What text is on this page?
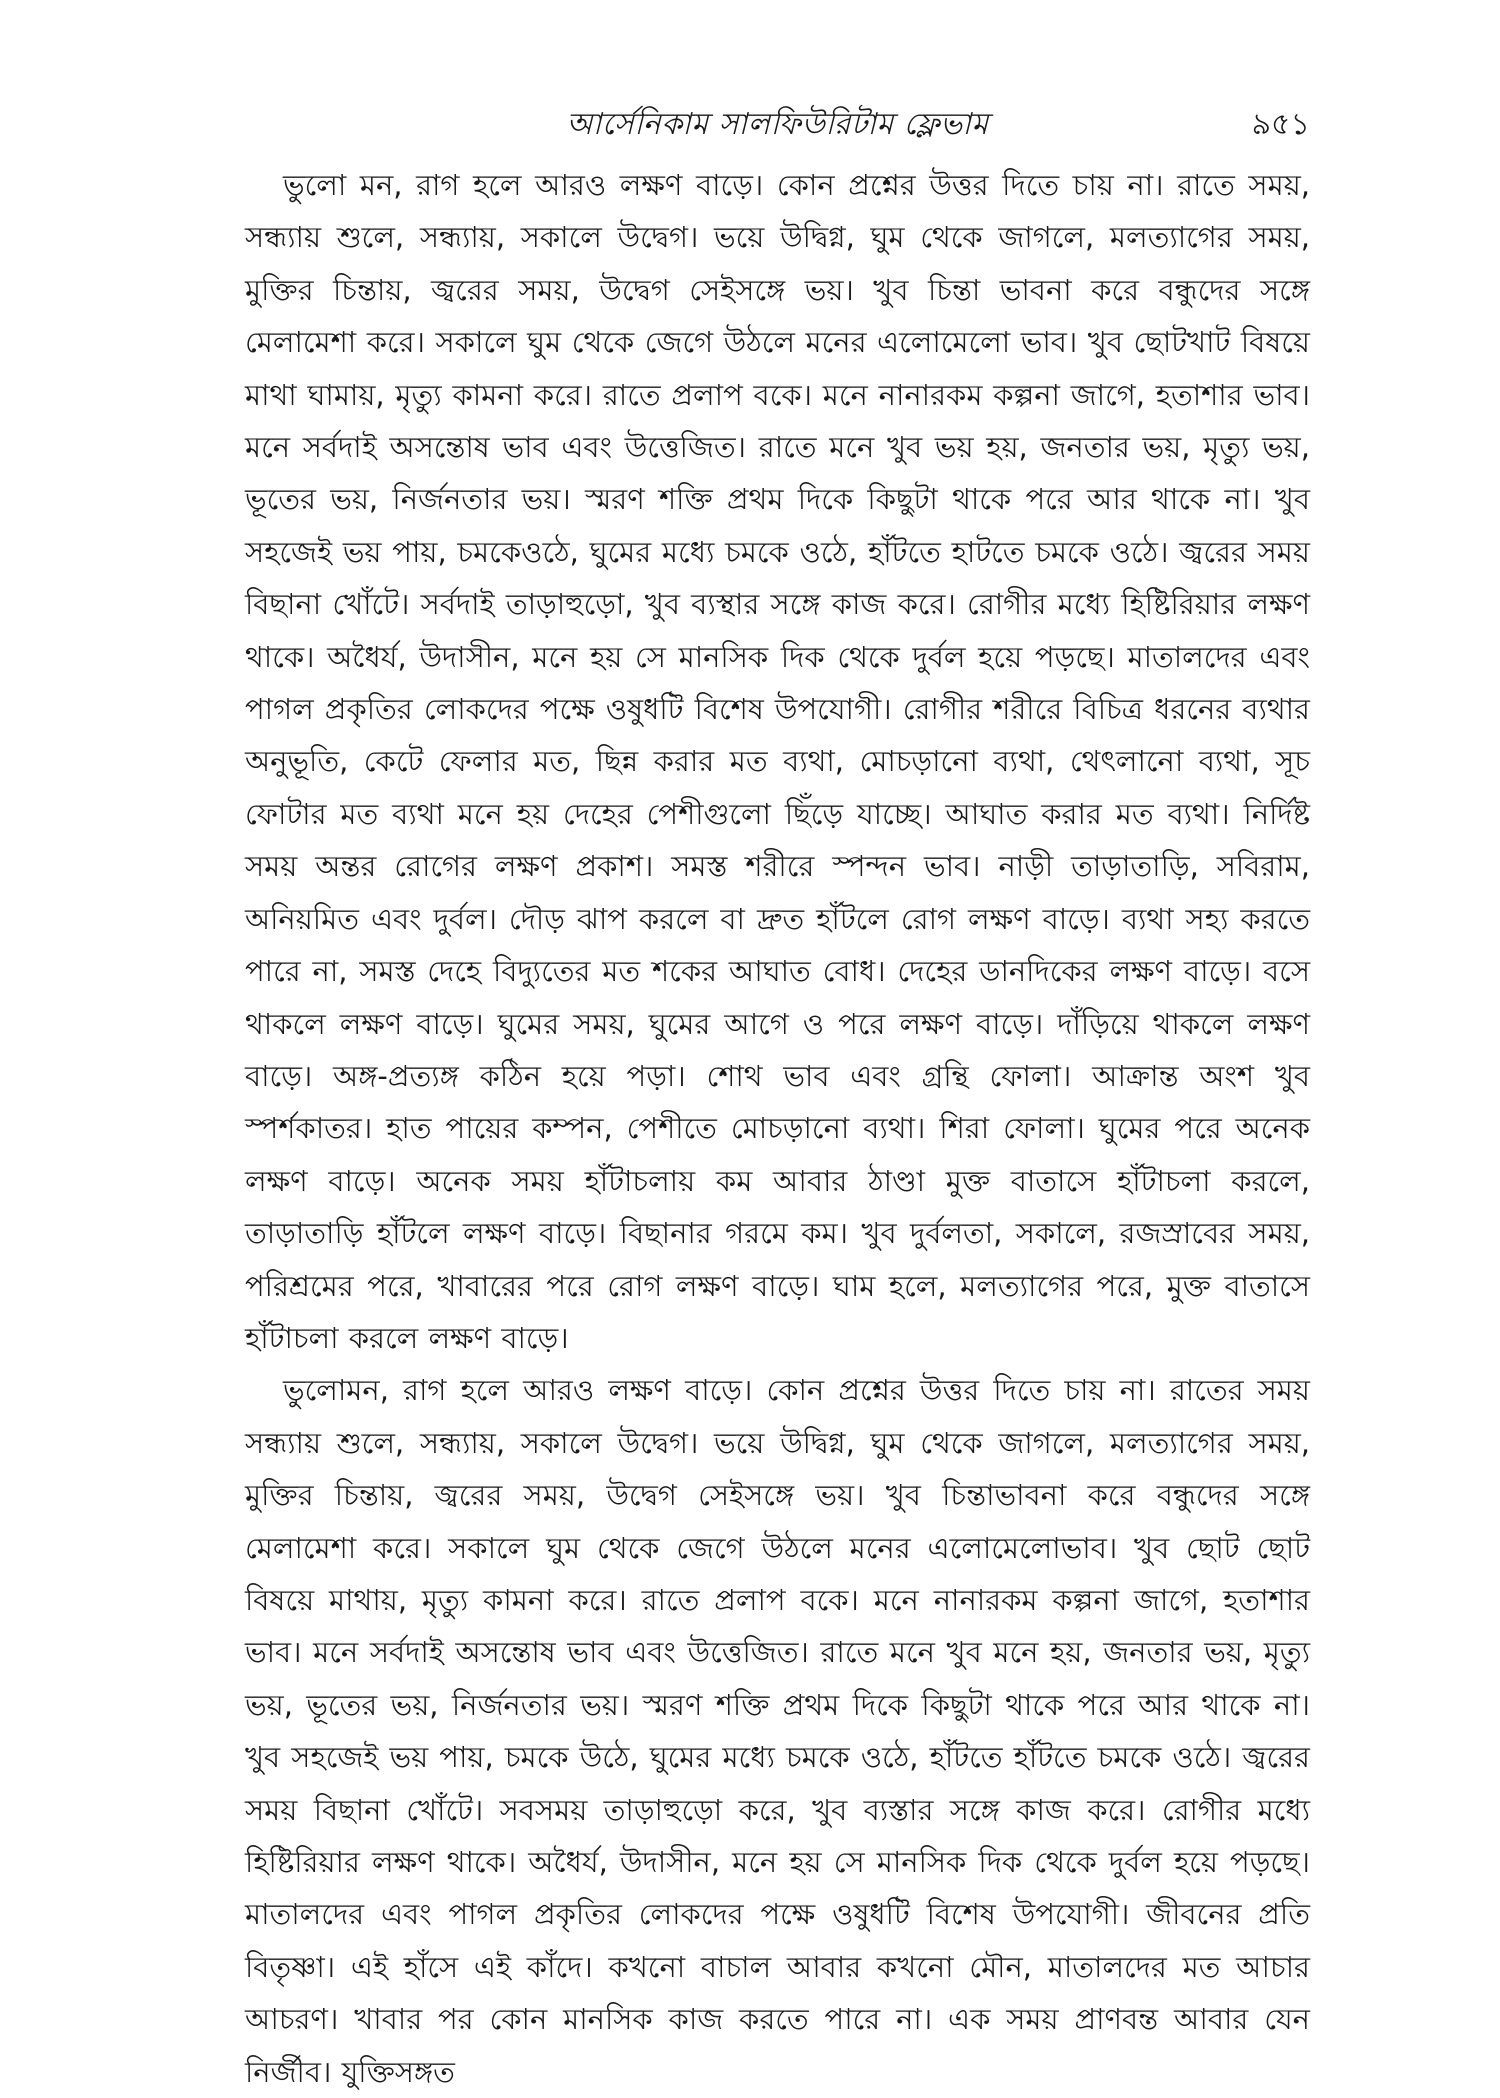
আর্সেনিকাম সালফিউরিটাম ফ্লেভাম	৯৫১

ভুলো মন, রাগ হলে আরও লক্ষণ বাড়ে। কোন প্রশ্নের উত্তর দিতে চায় না। রাতে সময়, সন্ধ্যায় শুলে, সন্ধ্যায়, সকালে উদ্বেগ। ভয়ে উদ্বিগ্ন, ঘুম থেকে জাগলে, মলত্যাগের সময়, মুক্তির চিন্তায়, জ্বরের সময়, উদ্বেগ সেইসঙ্গে ভয়। খুব চিন্তা ভাবনা করে বন্ধুদের সঙ্গে মেলামেশা করে। সকালে ঘুম থেকে জেগে উঠলে মনের এলোমেলো ভাব। খুব ছোটখাট বিষয়ে মাথা ঘামায়, মৃত্যু কামনা করে। রাতে প্রলাপ বকে। মনে নানারকম কল্পনা জাগে, হতাশার ভাব। মনে সর্বদাই অসন্তোষ ভাব এবং উত্তেজিত। রাতে মনে খুব ভয় হয়, জনতার ভয়, মৃত্যু ভয়, ভূতের ভয়, নির্জনতার ভয়। স্মরণ শক্তি প্রথম দিকে কিছুটা থাকে পরে আর থাকে না। খুব সহজেই ভয় পায়, চমকেওঠে, ঘুমের মধ্যে চমকে ওঠে, হাঁটতে হাটতে চমকে ওঠে। জ্বরের সময় বিছানা খোঁটে। সর্বদাই তাড়াহুড়ো, খুব ব্যস্থার সঙ্গে কাজ করে। রোগীর মধ্যে হিষ্টিরিয়ার লক্ষণ থাকে। অধৈর্য, উদাসীন, মনে হয় সে মানসিক দিক থেকে দুর্বল হয়ে পড়ছে। মাতালদের এবং পাগল প্রকৃতির লোকদের পক্ষে ওষুধটি বিশেষ উপযোগী। রোগীর শরীরে বিচিত্র ধরনের ব্যথার অনুভূতি, কেটে ফেলার মত, ছিন্ন করার মত ব্যথা, মোচড়ানো ব্যথা, থেৎলানো ব্যথা, সূচ ফোটার মত ব্যথা মনে হয় দেহের পেশীগুলো ছিঁড়ে যাচ্ছে। আঘাত করার মত ব্যথা। নির্দিষ্ট সময় অন্তর রোগের লক্ষণ প্রকাশ। সমস্ত শরীরে স্পন্দন ভাব। নাড়ী তাড়াতাড়ি, সবিরাম, অনিয়মিত এবং দুর্বল। দৌড় ঝাপ করলে বা দ্রুত হাঁটলে রোগ লক্ষণ বাড়ে। ব্যথা সহ্য করতে পারে না, সমস্ত দেহে বিদ্যুতের মত শকের আঘাত বোধ। দেহের ডানদিকের লক্ষণ বাড়ে। বসে থাকলে লক্ষণ বাড়ে। ঘুমের সময়, ঘুমের আগে ও পরে লক্ষণ বাড়ে। দাঁড়িয়ে থাকলে লক্ষণ বাড়ে। অঙ্গ-প্রত্যঙ্গ কঠিন হয়ে পড়া। শোথ ভাব এবং গ্রন্থি ফোলা। আক্রান্ত অংশ খুব স্পর্শকাতর। হাত পায়ের কম্পন, পেশীতে মোচড়ানো ব্যথা। শিরা ফোলা। ঘুমের পরে অনেক লক্ষণ বাড়ে। অনেক সময় হাঁটাচলায় কম আবার ঠাণ্ডা মুক্ত বাতাসে হাঁটাচলা করলে, তাড়াতাড়ি হাঁটলে লক্ষণ বাড়ে। বিছানার গরমে কম। খুব দুর্বলতা, সকালে, রজস্রাবের সময়, পরিশ্রমের পরে, খাবারের পরে রোগ লক্ষণ বাড়ে। ঘাম হলে, মলত্যাগের পরে, মুক্ত বাতাসে হাঁটাচলা করলে লক্ষণ বাড়ে।

ভুলোমন, রাগ হলে আরও লক্ষণ বাড়ে। কোন প্রশ্নের উত্তর দিতে চায় না। রাতের সময় সন্ধ্যায় শুলে, সন্ধ্যায়, সকালে উদ্বেগ। ভয়ে উদ্বিগ্ন, ঘুম থেকে জাগলে, মলত্যাগের সময়, মুক্তির চিন্তায়, জ্বরের সময়, উদ্বেগ সেইসঙ্গে ভয়। খুব চিন্তাভাবনা করে বন্ধুদের সঙ্গে মেলামেশা করে। সকালে ঘুম থেকে জেগে উঠলে মনের এলোমেলোভাব। খুব ছোট ছোট বিষয়ে মাথায়, মৃত্যু কামনা করে। রাতে প্রলাপ বকে। মনে নানারকম কল্পনা জাগে, হতাশার ভাব। মনে সর্বদাই অসন্তোষ ভাব এবং উত্তেজিত। রাতে মনে খুব মনে হয়, জনতার ভয়, মৃত্যু ভয়, ভূতের ভয়, নির্জনতার ভয়। স্মরণ শক্তি প্রথম দিকে কিছুটা থাকে পরে আর থাকে না। খুব সহজেই ভয় পায়, চমকে উঠে, ঘুমের মধ্যে চমকে ওঠে, হাঁটতে হাঁটতে চমকে ওঠে। জ্বরের সময় বিছানা খোঁটে। সবসময় তাড়াহুড়ো করে, খুব ব্যস্তার সঙ্গে কাজ করে। রোগীর মধ্যে হিষ্টিরিয়ার লক্ষণ থাকে। অধৈর্য, উদাসীন, মনে হয় সে মানসিক দিক থেকে দুর্বল হয়ে পড়ছে। মাতালদের এবং পাগল প্রকৃতির লোকদের পক্ষে ওষুধটি বিশেষ উপযোগী। জীবনের প্রতি বিতৃষ্ণা। এই হাঁসে এই কাঁদে। কখনো বাচাল আবার কখনো মৌন, মাতালদের মত আচার আচরণ। খাবার পর কোন মানসিক কাজ করতে পারে না। এক সময় প্রাণবন্ত আবার যেন নির্জীব। যুক্তিসঙ্গত
